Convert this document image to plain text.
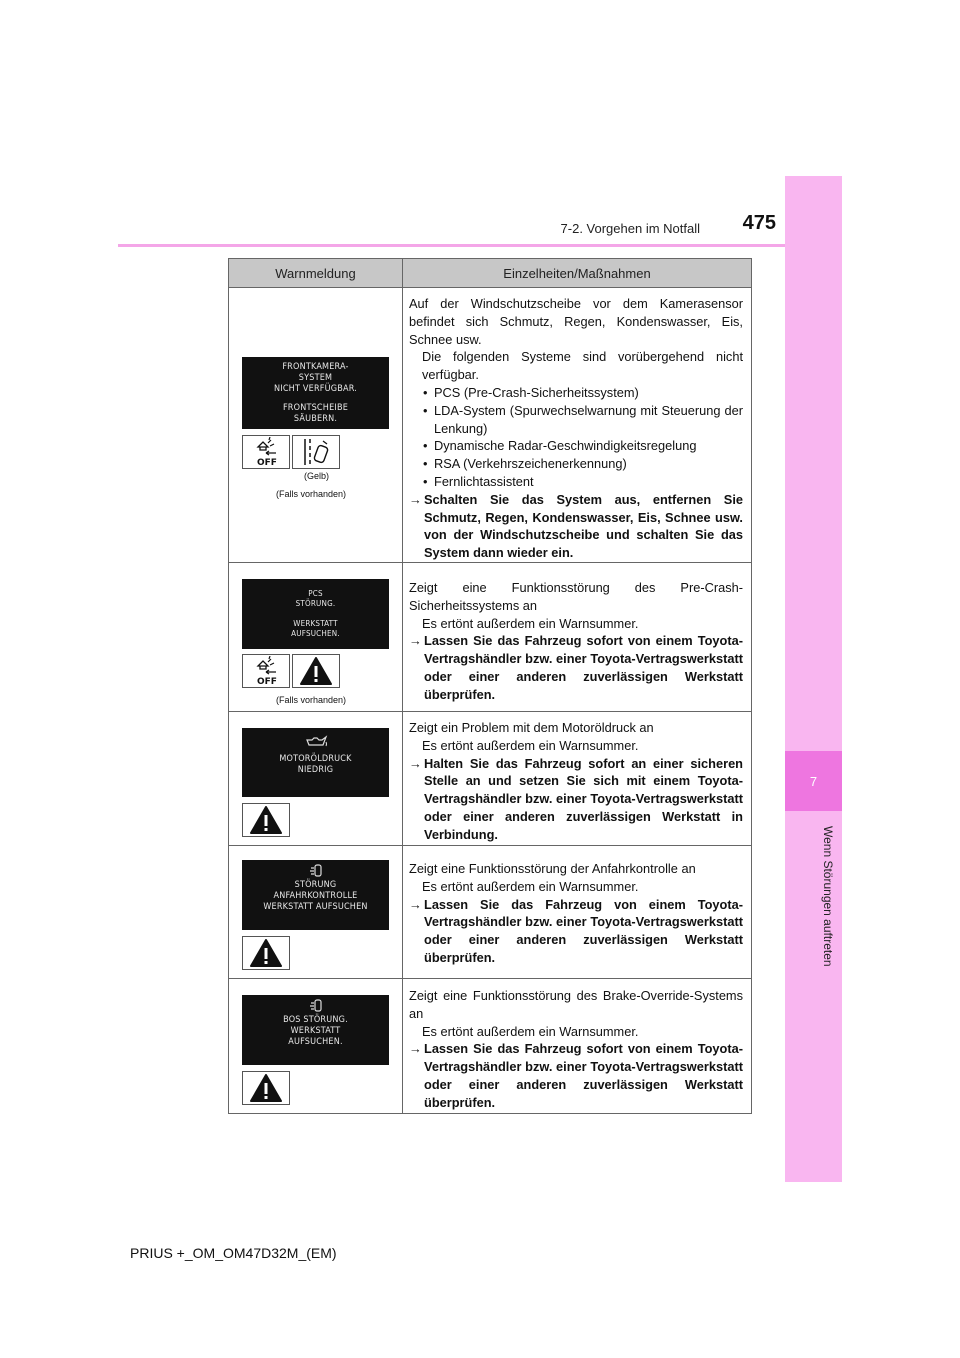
7
Wenn Störungen auftreten
7-2. Vorgehen im Notfall	475
Warnmeldung	Einzelheiten/Maßnahmen
FRONTKAMERA-
SYSTEM
NICHT VERFÜGBAR.
FRONTSCHEIBE
SÄUBERN.
OFF
(Gelb)
(Falls vorhanden)

Auf der Windschutzscheibe vor dem Kamerasensor befindet sich Schmutz, Regen, Kondenswasser, Eis, Schnee usw.

Die folgenden Systeme sind vorübergehend nicht verfügbar.

• PCS (Pre-Crash-Sicherheitssystem)
• LDA-System (Spurwechselwarnung mit Steuerung der Lenkung)
• Dynamische Radar-Geschwindigkeitsregelung
• RSA (Verkehrszeichenerkennung)
• Fernlichtassistent
→ Schalten Sie das System aus, entfernen Sie Schmutz, Regen, Kondenswasser, Eis, Schnee usw. von der Windschutzscheibe und schalten Sie das System dann wieder ein.
PCS
STÖRUNG.
WERKSTATT
AUFSUCHEN.
OFF
(Falls vorhanden)

Zeigt eine Funktionsstörung des Pre-Crash-Sicherheitssystems an

Es ertönt außerdem ein Warnsummer.

→ Lassen Sie das Fahrzeug sofort von einem Toyota-Vertragshändler bzw. einer Toyota-Vertragswerkstatt oder einer anderen zuverlässigen Werkstatt überprüfen.
MOTORÖLDRUCK
NIEDRIG

Zeigt ein Problem mit dem Motoröldruck an

Es ertönt außerdem ein Warnsummer.

→ Halten Sie das Fahrzeug sofort an einer sicheren Stelle an und setzen Sie sich mit einem Toyota-Vertragshändler bzw. einer Toyota-Vertragswerkstatt oder einer anderen zuverlässigen Werkstatt in Verbindung.
STÖRUNG
ANFAHRKONTROLLE
WERKSTATT AUFSUCHEN

Zeigt eine Funktionsstörung der Anfahrkontrolle an

Es ertönt außerdem ein Warnsummer.

→ Lassen Sie das Fahrzeug von einem Toyota-Vertragshändler bzw. einer Toyota-Vertragswerkstatt oder einer anderen zuverlässigen Werkstatt überprüfen.
BOS STÖRUNG.
WERKSTATT
AUFSUCHEN.

Zeigt eine Funktionsstörung des Brake-Override-Systems an

Es ertönt außerdem ein Warnsummer.

→ Lassen Sie das Fahrzeug sofort von einem Toyota-Vertragshändler bzw. einer Toyota-Vertragswerkstatt oder einer anderen zuverlässigen Werkstatt überprüfen.
PRIUS +_OM_OM47D32M_(EM)
